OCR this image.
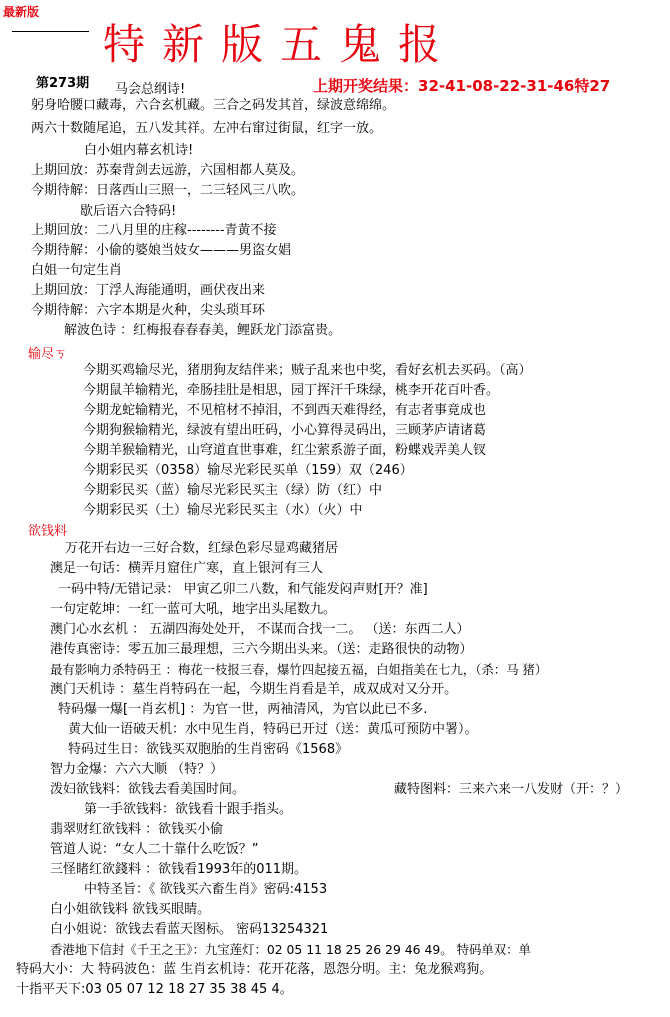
最新版
特新版五鬼报
第273期 马会总纲诗!	上期开奖结果：32-41-08-22-31-46特27
躬身哈腰口藏毒，六合玄机藏。三合之码发其首，绿波意绵绵。
两六十数随尾追，五八发其祥。左冲右窜过街鼠，红字一放。
白小姐内幕玄机诗!
上期回放：苏秦背剑去远游，六国相都人莫及。
今期待解：日落西山三照一，二三轻风三八吹。
歇后语六合特码!
上期回放：二八月里的庄稼--------青黄不接
今期待解：小偷的婆娘当妓女———男盗女娼
白姐一句定生肖
上期回放：丁浮人海能通明，画伏夜出来
今期待解：六字本期是火种，尖头琐耳环
解波色诗 ：红梅报春春春美，鲤跃龙门添富贵。
输尽ㄎ
今期买鸡输尽光，猪朋狗友结伴来；贼子乱来也中奖，看好玄机去买码。（高）
今期鼠羊输精光，牵肠挂肚是相思，园丁挥汗千珠绿，桃李开花百叶香。
今期龙蛇输精光，不见棺材不掉泪，不到西天难得经，有志者事竟成也
今期狗猴输精光，绿波有望出旺码，小心算得灵码出，三顾茅庐请诸葛
今期羊猴输精光，山穹道直世事难，红尘萦系游子面，粉蝶戏弄美人钗
今期彩民买（0358）输尽光彩民买单（159）双（246）
今期彩民买（蓝）输尽光彩民买主（绿）防（红）中
今期彩民买（土）输尽光彩民买主（水）（火）中
欲钱料
万花开右边一三好合数，红绿色彩尽显鸡藏猪居
澳足一句话：横弄月窟住广寒，直上银河有三人
一码中特/无错记录： 甲寅乙卯二八数，和气能发闷声财[开？准]
一句定乾坤：一红一蓝可大吼，地字出头尾数九。
澳门心水玄机 ： 五湖四海处处开， 不谋而合找一二。 （送：东西二人）
港传真密诗：零五加三最理想，三六今期出头来。（送：走路很快的动物）
最有影响力杀特码王 ：梅花一枝报三春，爆竹四起接五福，白姐指美在七九，（杀：马 猪）
澳门天机诗 ：墓生肖特码在一起，今期生肖看是羊，成双成对又分开。
特码爆一爆[一肖玄机] ：为官一世，两袖清风，为官以此已不多.
黄大仙一语破天机：水中见生肖，特码已开过（送：黄瓜可预防中署）。
特码过生日：欲钱买双胞胎的生肖密码《1568》
智力金爆：六六大顺 （特？）
泼妇欲钱料：欲钱去看美国时间。	藏特图料：三来六来一八发财（开：？）
第一手欲钱料：欲钱看十跟手指头。
翡翠财红欲钱料 ：欲钱买小偷
管道人说：“女人二十靠什么吃饭？”
三怪睹红欲錢料 ：欲钱看1993年的011期。
中特圣旨：《 欲钱买六畜生肖》密码:4153
白小姐欲钱料 欲钱买眼睛。
白小姐说：欲钱去看蓝天图标。 密码13254321
香港地下信封《千王之王》：九宝莲灯：02 05 11 18 25 26 29 46 49。 特码单双：单
特码大小：大 特码波色：蓝 生肖玄机诗：花开花落，恩怨分明。主：兔龙猴鸡狗。
十指平天下:03 05 07 12 18 27 35 38 45 4。
